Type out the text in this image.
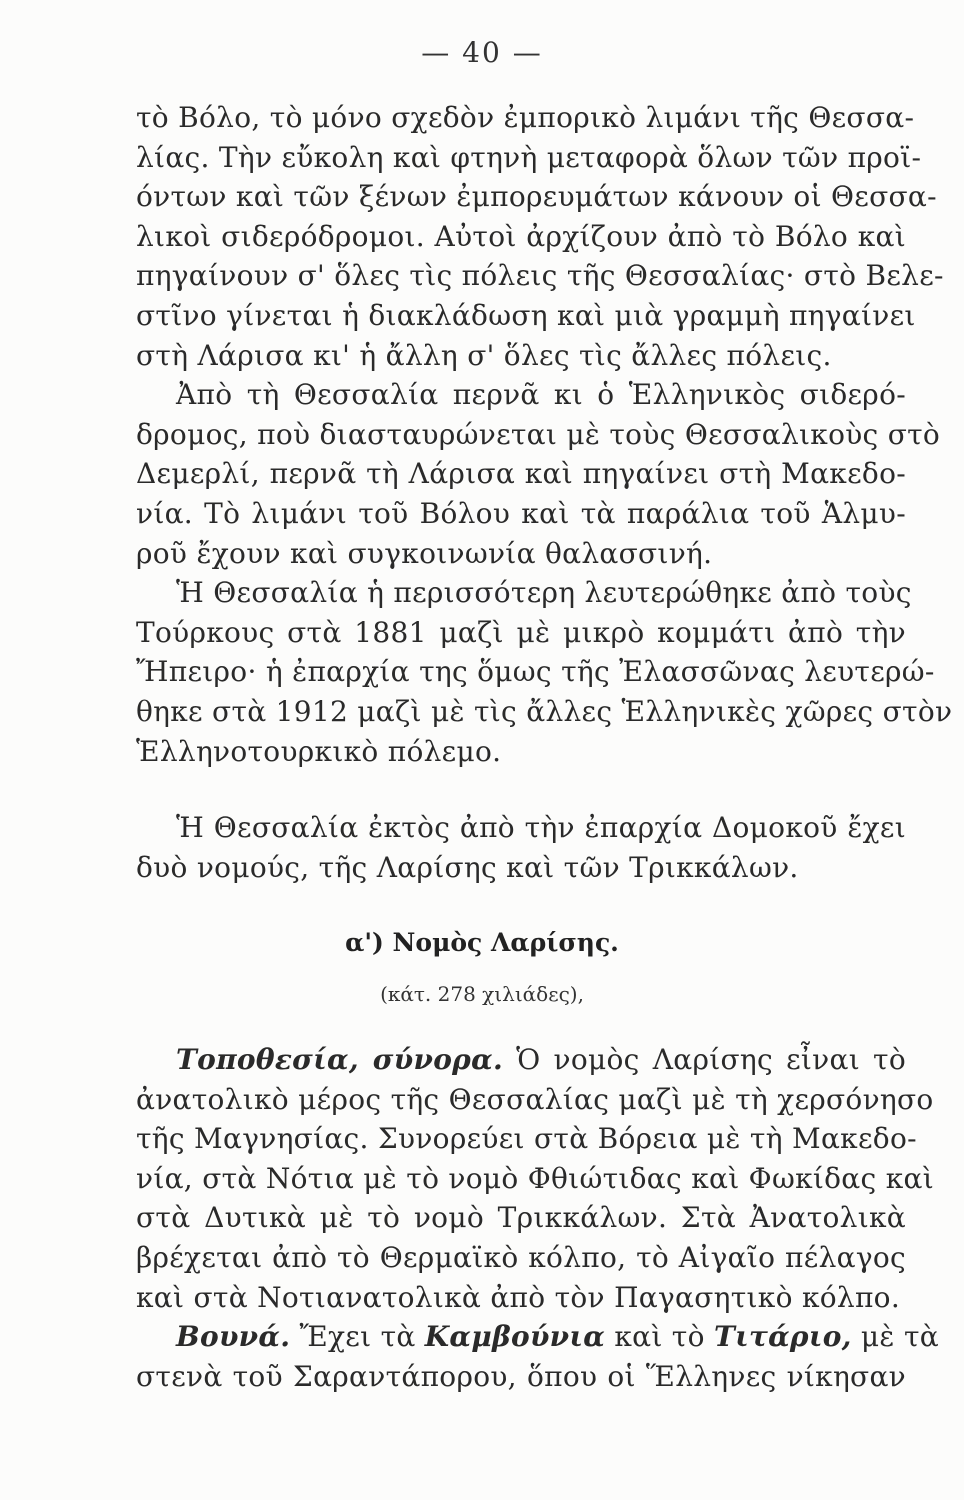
— 40 —
τὸ Βόλο, τὸ μόνο σχεδὸν ἐμπορικὸ λιμάνι τῆς Θεσσα-
λίας. Τὴν εὔκολη καὶ φτηνὴ μεταφορὰ ὅλων τῶν προϊ-
όντων καὶ τῶν ξένων ἐμπορευμάτων κάνουν οἱ Θεσσα-
λικοὶ σιδερόδρομοι. Αὐτοὶ ἀρχίζουν ἀπὸ τὸ Βόλο καὶ
πηγαίνουν σ' ὅλες τὶς πόλεις τῆς Θεσσαλίας· στὸ Βελε-
στῖνο γίνεται ἡ διακλάδωση καὶ μιὰ γραμμὴ πηγαίνει
στὴ Λάρισα κι' ἡ ἄλλη σ' ὅλες τὶς ἄλλες πόλεις.
Ἀπὸ τὴ Θεσσαλία περνᾶ κι ὁ Ἑλληνικὸς σιδερό-
δρομος, ποὺ διασταυρώνεται μὲ τοὺς Θεσσαλικοὺς στὸ
Δεμερλί, περνᾶ τὴ Λάρισα καὶ πηγαίνει στὴ Μακεδο-
νία. Τὸ λιμάνι τοῦ Βόλου καὶ τὰ παράλια τοῦ Ἁλμυ-
ροῦ ἔχουν καὶ συγκοινωνία θαλασσινή.
Ἡ Θεσσαλία ἡ περισσότερη λευτερώθηκε ἀπὸ τοὺς
Τούρκους στὰ 1881 μαζὶ μὲ μικρὸ κομμάτι ἀπὸ τὴν
Ἤπειρο· ἡ ἐπαρχία της ὅμως τῆς Ἐλασσῶνας λευτερώ-
θηκε στὰ 1912 μαζὶ μὲ τὶς ἄλλες Ἑλληνικὲς χῶρες στὸν
Ἑλληνοτουρκικὸ πόλεμο.
Ἡ Θεσσαλία ἐκτὸς ἀπὸ τὴν ἐπαρχία Δομοκοῦ ἔχει
δυὸ νομούς, τῆς Λαρίσης καὶ τῶν Τρικκάλων.
α') Νομὸς Λαρίσης.
(κάτ. 278 χιλιάδες),
Τοποθεσία, σύνορα. Ὁ νομὸς Λαρίσης εἶναι τὸ
ἀνατολικὸ μέρος τῆς Θεσσαλίας μαζὶ μὲ τὴ χερσόνησο
τῆς Μαγνησίας. Συνορεύει στὰ Βόρεια μὲ τὴ Μακεδο-
νία, στὰ Νότια μὲ τὸ νομὸ Φθιώτιδας καὶ Φωκίδας καὶ
στὰ Δυτικὰ μὲ τὸ νομὸ Τρικκάλων. Στὰ Ἀνατολικὰ
βρέχεται ἀπὸ τὸ Θερμαϊκὸ κόλπο, τὸ Αἰγαῖο πέλαγος
καὶ στὰ Νοτιανατολικὰ ἀπὸ τὸν Παγασητικὸ κόλπο.
Βουνά. Ἔχει τὰ Καμβούνια καὶ τὸ Τιτάριο, μὲ τὰ
στενὰ τοῦ Σαραντάπορου, ὅπου οἱ Ἕλληνες νίκησαν
